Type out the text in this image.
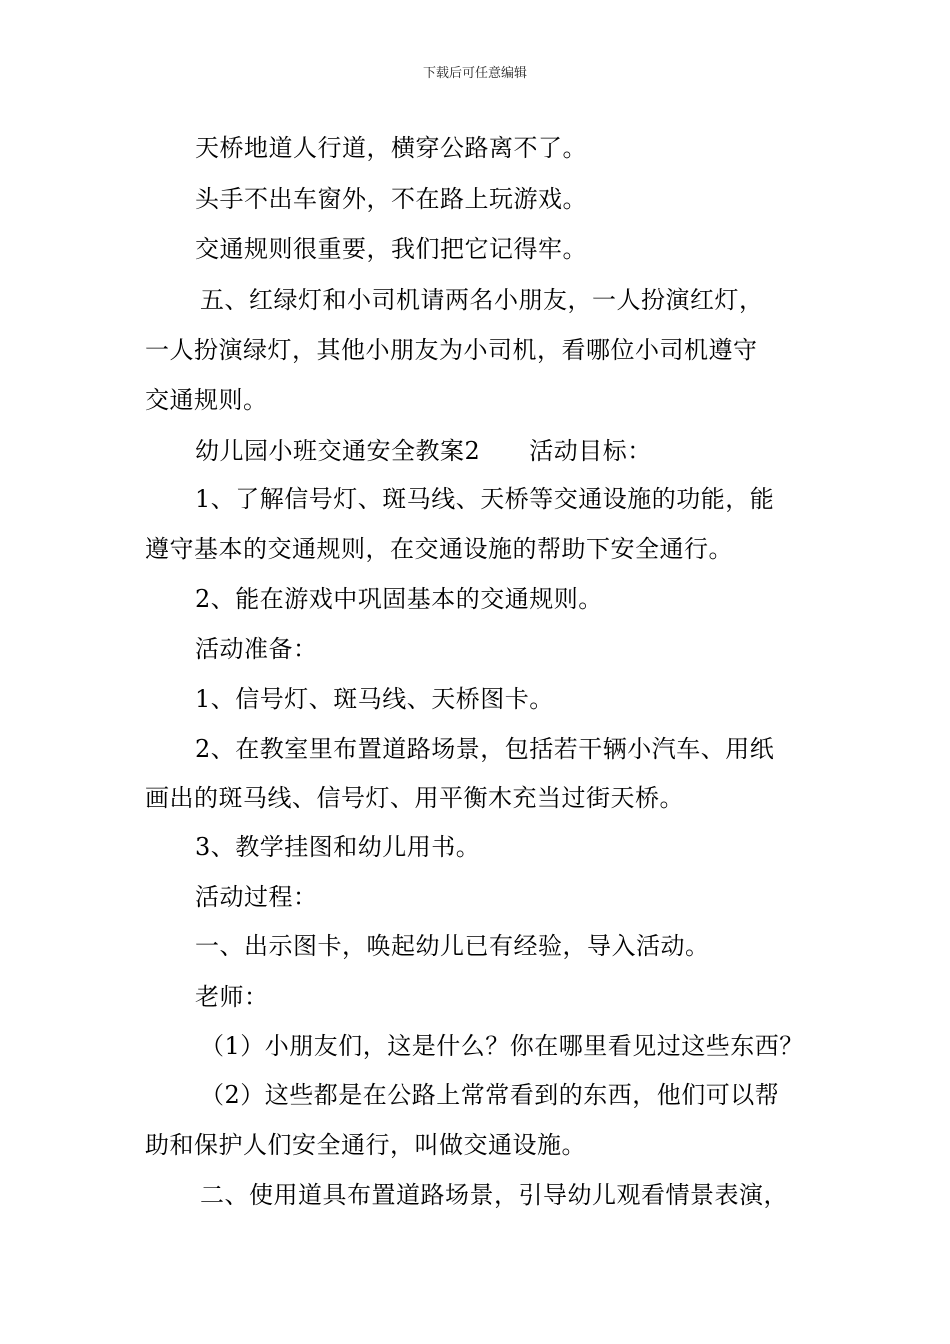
下载后可任意编辑
天桥地道人行道，横穿公路离不了。
头手不出车窗外，不在路上玩游戏。
交通规则很重要，我们把它记得牢。
五、红绿灯和小司机请两名小朋友，一人扮演红灯，
一人扮演绿灯，其他小朋友为小司机，看哪位小司机遵守
交通规则。
幼儿园小班交通安全教案2　　活动目标：
1、了解信号灯、斑马线、天桥等交通设施的功能，能
遵守基本的交通规则，在交通设施的帮助下安全通行。
2、能在游戏中巩固基本的交通规则。
活动准备：
1、信号灯、斑马线、天桥图卡。
2、在教室里布置道路场景，包括若干辆小汽车、用纸
画出的斑马线、信号灯、用平衡木充当过街天桥。
3、教学挂图和幼儿用书。
活动过程：
一、出示图卡，唤起幼儿已有经验，导入活动。
老师：
（1）小朋友们，这是什么？你在哪里看见过这些东西？
（2）这些都是在公路上常常看到的东西，他们可以帮
助和保护人们安全通行，叫做交通设施。
二、使用道具布置道路场景，引导幼儿观看情景表演，
